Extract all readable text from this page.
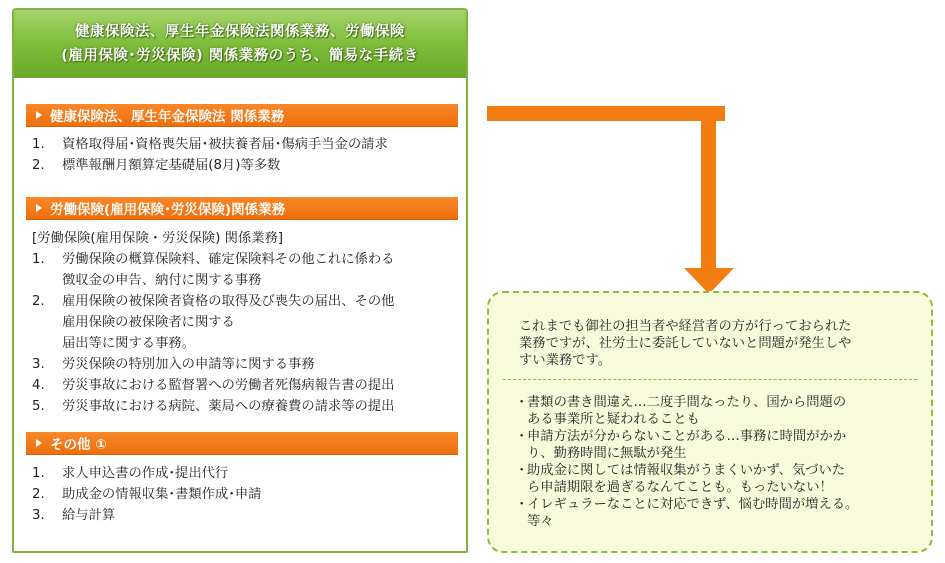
健康保険法、厚生年金保険法関係業務、労働保険
(雇用保険･労災保険) 関係業務のうち、簡易な手続き
健康保険法、厚生年金保険法 関係業務
1.	資格取得届･資格喪失届･被扶養者届･傷病手当金の請求
2.	標準報酬月額算定基礎届(8月)等多数
労働保険(雇用保険･労災保険)関係業務
[労働保険(雇用保険・労災保険) 関係業務]
1.	労働保険の概算保険料、確定保険料その他これに係わる
徴収金の申告、納付に関する事務
2.	雇用保険の被保険者資格の取得及び喪失の届出、その他
雇用保険の被保険者に関する
届出等に関する事務。
3.	労災保険の特別加入の申請等に関する事務
4.	労災事故における監督署への労働者死傷病報告書の提出
5.	労災事故における病院、薬局への療養費の請求等の提出
その他 ①
1.	求人申込書の作成･提出代行
2.	助成金の情報収集･書類作成･申請
3.	給与計算
これまでも御社の担当者や経営者の方が行っておられた
業務ですが、社労士に委託していないと問題が発生しや
すい業務です。
・
書類の書き間違え…二度手間なったり、国から問題の
ある事業所と疑われることも
・
申請方法が分からないことがある…事務に時間がかか
り、勤務時間に無駄が発生
・
助成金に関しては情報収集がうまくいかず、気づいた
ら申請期限を過ぎるなんてことも。もったいない！
・
イレギュラーなことに対応できず、悩む時間が増える。
等々
